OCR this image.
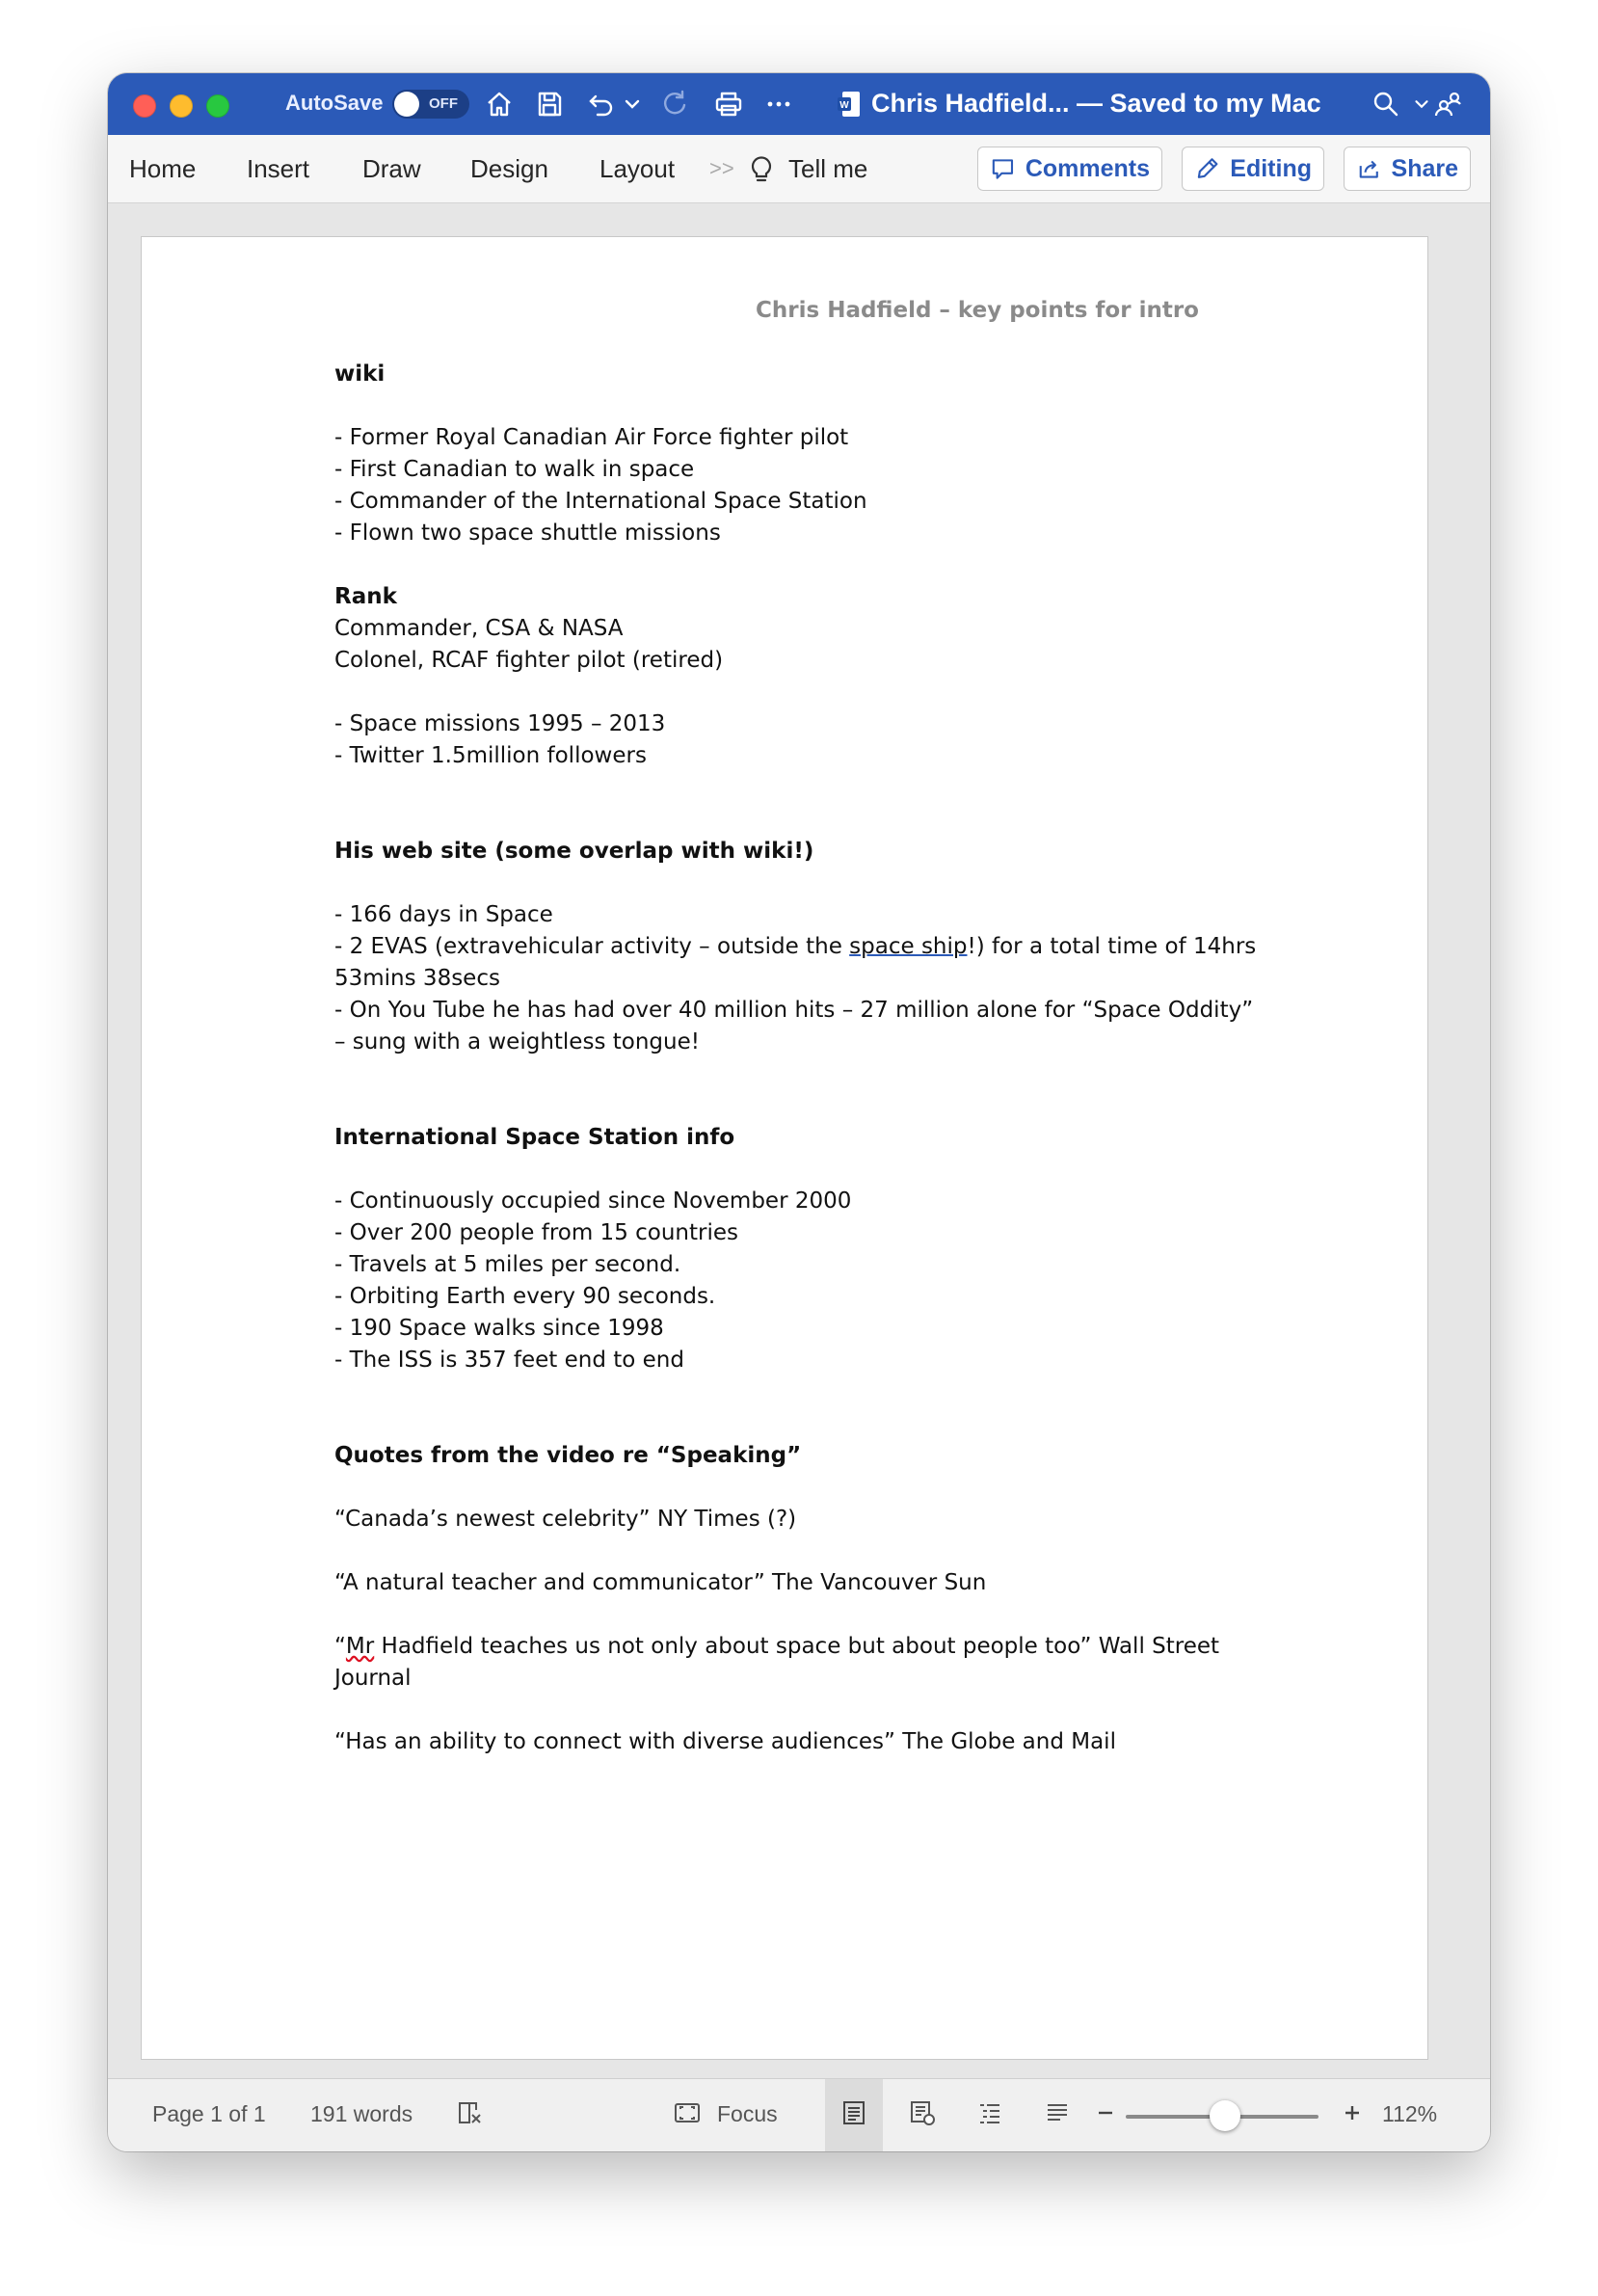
AutoSave	OFF	W Chris Hadfield... — Saved to my Mac
Home Insert Draw Design Layout >> Tell me	Comments	Editing	Share

Chris Hadfield – key points for intro

wiki

- Former Royal Canadian Air Force fighter pilot

- First Canadian to walk in space

- Commander of the International Space Station

- Flown two space shuttle missions

Rank

Commander, CSA & NASA

Colonel, RCAF fighter pilot (retired)

- Space missions 1995 – 2013

- Twitter 1.5million followers

His web site (some overlap with wiki!)

- 166 days in Space

- 2 EVAS (extravehicular activity – outside the space ship!) for a total time of 14hrs 53mins 38secs

- On You Tube he has had over 40 million hits – 27 million alone for “Space Oddity” – sung with a weightless tongue!

International Space Station info

- Continuously occupied since November 2000

- Over 200 people from 15 countries

- Travels at 5 miles per second.

- Orbiting Earth every 90 seconds.

- 190 Space walks since 1998

- The ISS is 357 feet end to end

Quotes from the video re “Speaking”

“Canada’s newest celebrity” NY Times (?)

“A natural teacher and communicator” The Vancouver Sun

“Mr Hadfield teaches us not only about space but about people too” Wall Street Journal

“Has an ability to connect with diverse audiences” The Globe and Mail

Page 1 of 1 191 words	Focus	112%
